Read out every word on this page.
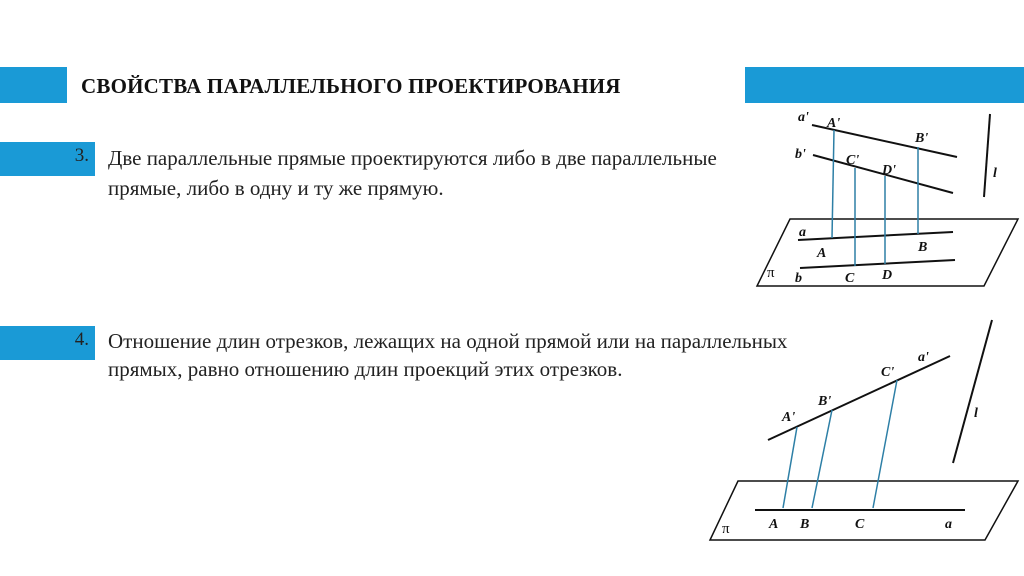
СВОЙСТВА ПАРАЛЛЕЛЬНОГО ПРОЕКТИРОВАНИЯ
3. Две параллельные прямые проектируются либо в две параллельные прямые, либо в одну и ту же прямую.
4. Отношение длин отрезков, лежащих на одной прямой или на параллельных прямых, равно отношению длин проекций этих отрезков.
a' A'
B'
b'	C'
D'	l
a
A	B
π b	C D
a'
C'
B'
A'	l
π	A B	C	a
